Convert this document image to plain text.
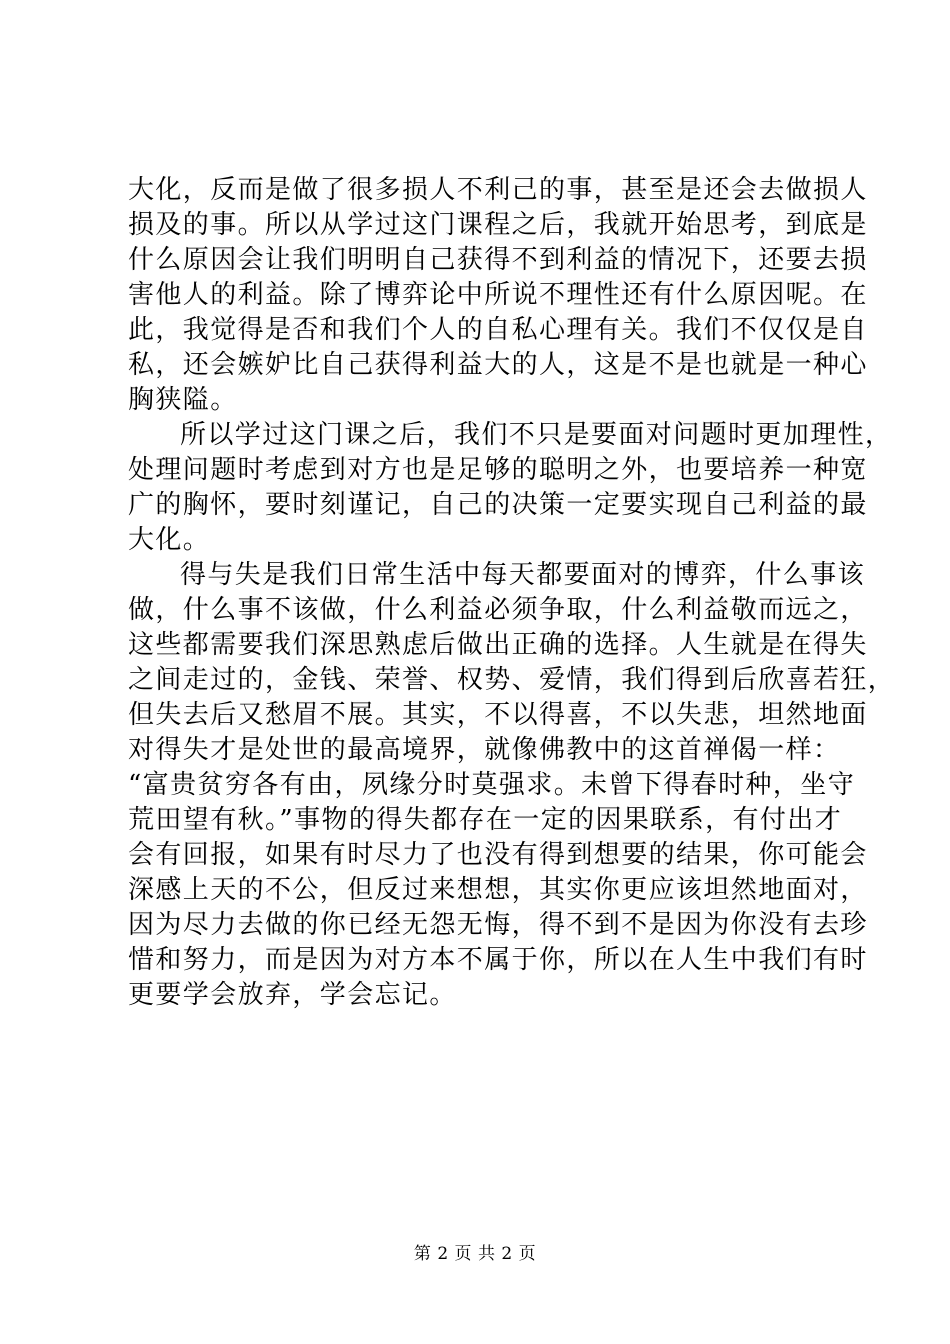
大化，反而是做了很多损人不利己的事，甚至是还会去做损人
损及的事。所以从学过这门课程之后，我就开始思考，到底是
什么原因会让我们明明自己获得不到利益的情况下，还要去损
害他人的利益。除了博弈论中所说不理性还有什么原因呢。在
此，我觉得是否和我们个人的自私心理有关。我们不仅仅是自
私，还会嫉妒比自己获得利益大的人，这是不是也就是一种心
胸狭隘。
所以学过这门课之后，我们不只是要面对问题时更加理性，
处理问题时考虑到对方也是足够的聪明之外，也要培养一种宽
广的胸怀，要时刻谨记，自己的决策一定要实现自己利益的最
大化。
得与失是我们日常生活中每天都要面对的博弈，什么事该
做，什么事不该做，什么利益必须争取，什么利益敬而远之，
这些都需要我们深思熟虑后做出正确的选择。人生就是在得失
之间走过的，金钱、荣誉、权势、爱情，我们得到后欣喜若狂，
但失去后又愁眉不展。其实，不以得喜，不以失悲，坦然地面
对得失才是处世的最高境界，就像佛教中的这首禅偈一样：
“富贵贫穷各有由，夙缘分时莫强求。未曾下得春时种，坐守
荒田望有秋。”事物的得失都存在一定的因果联系，有付出才
会有回报，如果有时尽力了也没有得到想要的结果，你可能会
深感上天的不公，但反过来想想，其实你更应该坦然地面对，
因为尽力去做的你已经无怨无悔，得不到不是因为你没有去珍
惜和努力，而是因为对方本不属于你，所以在人生中我们有时
更要学会放弃，学会忘记。
第 2 页 共 2 页
